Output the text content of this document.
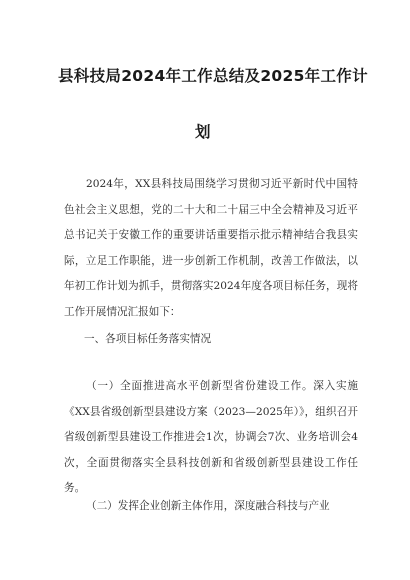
县科技局2024年工作总结及2025年工作计
划
2024年，XX县科技局围绕学习贯彻习近平新时代中国特色社会主义思想，党的二十大和二十届三中全会精神及习近平总书记关于安徽工作的重要讲话重要指示批示精神结合我县实际，立足工作职能，进一步创新工作机制，改善工作做法，以年初工作计划为抓手，贯彻落实2024年度各项目标任务，现将工作开展情况汇报如下：
一、各项目标任务落实情况
（一）全面推进高水平创新型省份建设工作。深入实施《XX县省级创新型县建设方案（2023—2025年）》，组织召开省级创新型县建设工作推进会1次，协调会7次、业务培训会4次，全面贯彻落实全县科技创新和省级创新型县建设工作任务。
（二）发挥企业创新主体作用，深度融合科技与产业
